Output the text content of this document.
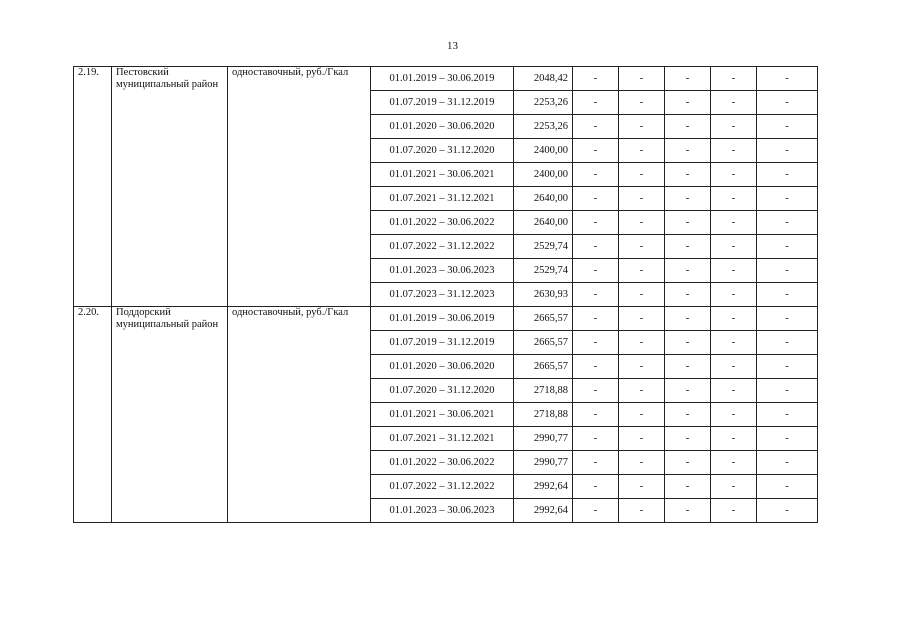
13
2.19.	Пестовский муниципальный район	одноставочный, руб./Гкал	01.01.2019 – 30.06.2019	2048,42	-	-	-	-	-
			01.07.2019 – 31.12.2019	2253,26	-	-	-	-	-
			01.01.2020 – 30.06.2020	2253,26	-	-	-	-	-
			01.07.2020 – 31.12.2020	2400,00	-	-	-	-	-
			01.01.2021 – 30.06.2021	2400,00	-	-	-	-	-
			01.07.2021 – 31.12.2021	2640,00	-	-	-	-	-
			01.01.2022 – 30.06.2022	2640,00	-	-	-	-	-
			01.07.2022 – 31.12.2022	2529,74	-	-	-	-	-
			01.01.2023 – 30.06.2023	2529,74	-	-	-	-	-
			01.07.2023 – 31.12.2023	2630,93	-	-	-	-	-
2.20.	Поддорский муниципальный район	одноставочный, руб./Гкал	01.01.2019 – 30.06.2019	2665,57	-	-	-	-	-
			01.07.2019 – 31.12.2019	2665,57	-	-	-	-	-
			01.01.2020 – 30.06.2020	2665,57	-	-	-	-	-
			01.07.2020 – 31.12.2020	2718,88	-	-	-	-	-
			01.01.2021 – 30.06.2021	2718,88	-	-	-	-	-
			01.07.2021 – 31.12.2021	2990,77	-	-	-	-	-
			01.01.2022 – 30.06.2022	2990,77	-	-	-	-	-
			01.07.2022 – 31.12.2022	2992,64	-	-	-	-	-
			01.01.2023 – 30.06.2023	2992,64	-	-	-	-	-
